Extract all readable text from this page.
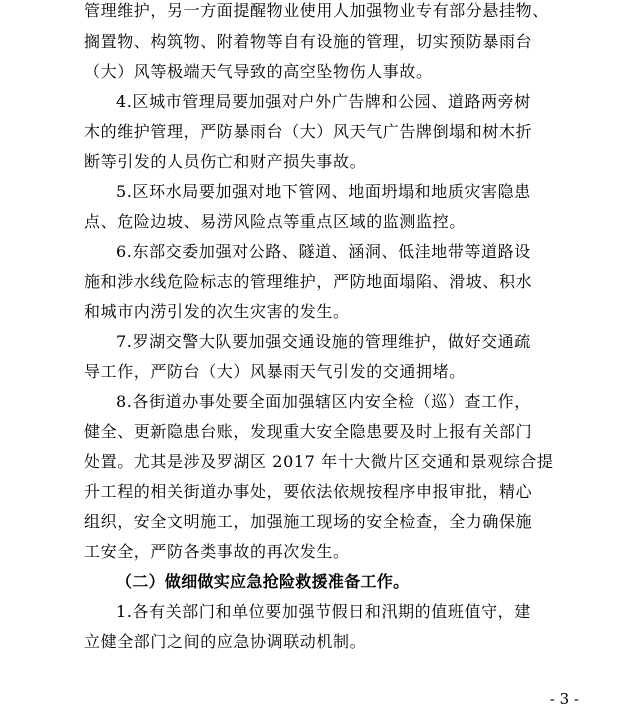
管理维护，另一方面提醒物业使用人加强物业专有部分悬挂物、
搁置物、构筑物、附着物等自有设施的管理，切实预防暴雨台
（大）风等极端天气导致的高空坠物伤人事故。
4.区城市管理局要加强对户外广告牌和公园、道路两旁树
木的维护管理，严防暴雨台（大）风天气广告牌倒塌和树木折
断等引发的人员伤亡和财产损失事故。
5.区环水局要加强对地下管网、地面坍塌和地质灾害隐患
点、危险边坡、易涝风险点等重点区域的监测监控。
6.东部交委加强对公路、隧道、涵洞、低洼地带等道路设
施和涉水线危险标志的管理维护，严防地面塌陷、滑坡、积水
和城市内涝引发的次生灾害的发生。
7.罗湖交警大队要加强交通设施的管理维护，做好交通疏
导工作，严防台（大）风暴雨天气引发的交通拥堵。
8.各街道办事处要全面加强辖区内安全检（巡）查工作，
健全、更新隐患台账，发现重大安全隐患要及时上报有关部门
处置。尤其是涉及罗湖区 2017 年十大微片区交通和景观综合提
升工程的相关街道办事处，要依法依规按程序申报审批，精心
组织，安全文明施工，加强施工现场的安全检查，全力确保施
工安全，严防各类事故的再次发生。
（二）做细做实应急抢险救援准备工作。
1.各有关部门和单位要加强节假日和汛期的值班值守，建
立健全部门之间的应急协调联动机制。
- 3 -
